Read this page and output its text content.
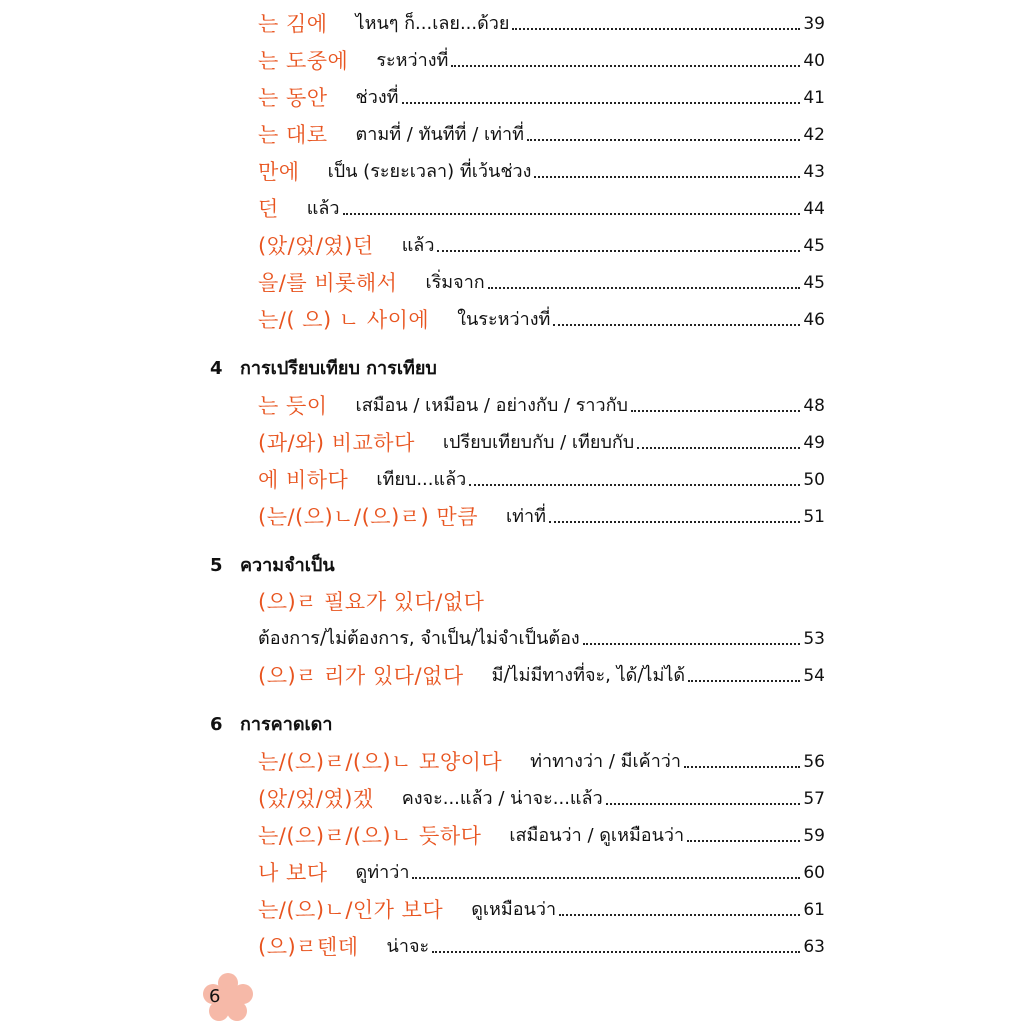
는 김에 ไหนๆ ก็...เลย...ด้วย	39
는 도중에 ระหว่างที่	40
는 동안 ช่วงที่	41
는 대로 ตามที่ / ทันทีที่ / เท่าที่	42
만에 เป็น (ระยะเวลา) ที่เว้นช่วง	43
던 แล้ว	44
(았/었/였)던 แล้ว	45
을/를 비롯해서 เริ่มจาก	45
는/( 으) ㄴ 사이에 ในระหว่างที่	46
4 การเปรียบเทียบ การเทียบ
는 듯이 เสมือน / เหมือน / อย่างกับ / ราวกับ	48
(과/와) 비교하다 เปรียบเทียบกับ / เทียบกับ	49
에 비하다 เทียบ...แล้ว	50
(는/(으)ㄴ/(으)ㄹ) 만큼 เท่าที่	51
5 ความจำเป็น
(으)ㄹ 필요가 있다/없다
ต้องการ/ไม่ต้องการ, จำเป็น/ไม่จำเป็นต้อง	53
(으)ㄹ 리가 있다/없다 มี/ไม่มีทางที่จะ, ได้/ไม่ได้	54
6 การคาดเดา
는/(으)ㄹ/(으)ㄴ 모양이다 ท่าทางว่า / มีเค้าว่า	56
(았/었/였)겠 คงจะ...แล้ว / น่าจะ...แล้ว	57
는/(으)ㄹ/(으)ㄴ 듯하다 เสมือนว่า / ดูเหมือนว่า	59
나 보다 ดูท่าว่า	60
는/(으)ㄴ/인가 보다 ดูเหมือนว่า	61
(으)ㄹ텐데 น่าจะ	63
6
